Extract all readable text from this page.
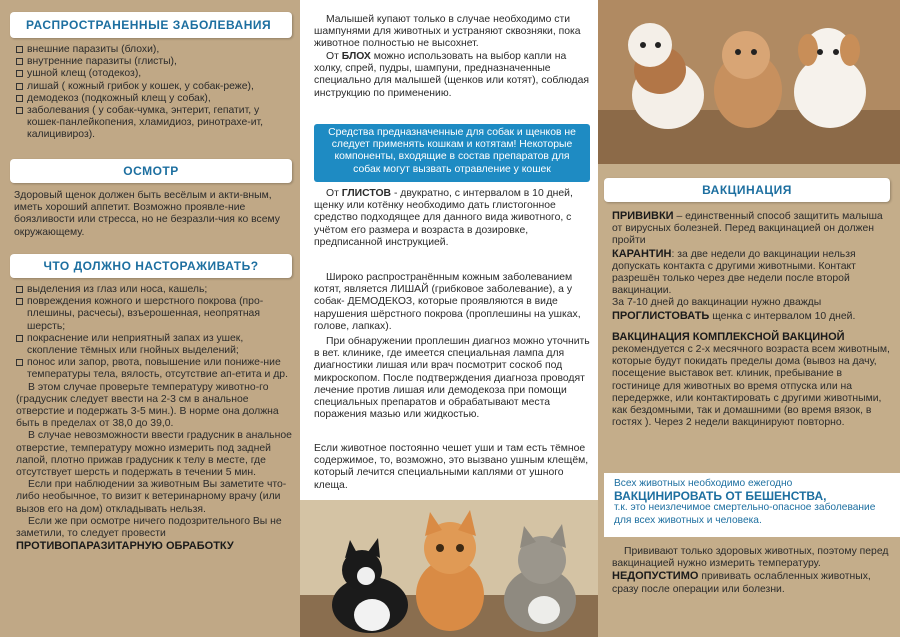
РАСПРОСТРАНЕННЫЕ ЗАБОЛЕВАНИЯ
внешние паразиты (блохи),
внутренние паразиты (глисты),
ушной клещ (отодекоз),
лишай ( кожный грибок у кошек, у собак-реже),
демодекоз (подкожный клещ у собак),
заболевания ( у собак-чумка, энтерит, гепатит, у кошек-панлейкопения, хламидиоз, ринотрахе-ит, калицивироз).
ОСМОТР
Здоровый щенок должен быть весёлым и акти-вным, иметь хороший аппетит. Возможно проявле-ние боязливости или стресса, но не безразли-чия ко всему окружающему.
ЧТО ДОЛЖНО НАСТОРАЖИВАТЬ?
выделения из глаз или носа, кашель;
повреждения кожного и шерстного покрова (про-плешины, расчесы), взъерошенная, неопрятная шерсть;
покраснение или неприятный запах из ушек, скопление тёмных или гнойных выделений;
понос или запор, рвота, повышение или пониже-ние температуры тела, вялость, отсутствие ап-етита и др.
В этом случае проверьте температуру животно-го (градусник следует ввести на 2-3 см в анальное отверстие и подержать 3-5 мин.). В норме она должна быть в пределах от 38,0 до 39,0.
В случае невозможности ввести градусник в анальное отверстие, температуру можно измерить под задней лапой, плотно прижав градусник к телу в месте, где отсутствует шерсть и подержать в течении 5 мин.
Если при наблюдении за животным Вы заметите что-либо необычное, то визит к ветеринарному врачу (или вызов его на дом) откладывать нельзя.
Если же при осмотре ничего подозрительного Вы не заметили, то следует провести
ПРОТИВОПАРАЗИТАРНУЮ ОБРАБОТКУ
Малышей купают только в случае необходимо сти шампунями для животных и устраняют сквозняки, пока животное полностью не высохнет.
От БЛОХ можно использовать на выбор капли на холку, спрей, пудры, шампуни, предназначенные специально для малышей (щенков или котят), соблюдая инструкцию по применению.
Средства предназначенные для собак и щенков не следует применять кошкам и котятам! Некоторые компоненты, входящие в состав препаратов для собак могут вызвать отравление у кошек
От ГЛИСТОВ - двукратно, с интервалом в 10 дней, щенку или котёнку необходимо дать глистогонное средство подходящее для данного вида животного, с учётом его размера и возраста в дозировке, предписанной инструкцией.
Широко распространённым кожным заболеванием котят, является ЛИШАЙ (грибковое заболевание), а у собак- ДЕМОДЕКОЗ, которые проявляются в виде нарушения шёрстного покрова (проплешины на ушках, голове, лапках).
При обнаружении проплешин диагноз можно уточнить в вет. клинике, где имеется специальная лампа для диагностики лишая или врач посмотрит соскоб под микроскопом. После подтверждения диагноза проводят лечение против лишая или демодекоза при помощи специальных препаратов и обрабатывают места поражения мазью или жидкостью.
Если животное постоянно чешет уши и там есть тёмное содержимое, то, возможно, это вызвано ушным клещём, который лечится специальными каплями от ушного клеща.
ВАКЦИНАЦИЯ
ПРИВИВКИ – единственный способ защитить малыша от вирусных болезней. Перед вакцинацией он должен пройти
КАРАНТИН: за две недели до вакцинации нельзя допускать контакта с другими животными. Контакт разрешён только через две недели после второй вакцинации.
За 7-10 дней до вакцинации нужно дважды ПРОГЛИСТОВАТЬ щенка с интервалом 10 дней.
ВАКЦИНАЦИЯ КОМПЛЕКСНОЙ ВАКЦИНОЙ
рекомендуется с 2-х месячного возраста всем животным, которые будут покидать пределы дома (вывоз на дачу, посещение выставок вет. клиник, пребывание в гостинице для животных во время отпуска или на передержке, или контактировать с другими животными, как бездомными, так и домашними (во время вязок, в гостях ). Через 2 недели вакцинируют повторно.
Всех животных необходимо ежегодно
ВАКЦИНИРОВАТЬ ОТ БЕШЕНСТВА,
т.к. это неизлечимое смертельно-опасное заболевание для всех животных и человека.
Прививают только здоровых животных, поэтому перед вакцинацией нужно измерить температуру. НЕДОПУСТИМО прививать ослабленных животных, сразу после операции или болезни.
